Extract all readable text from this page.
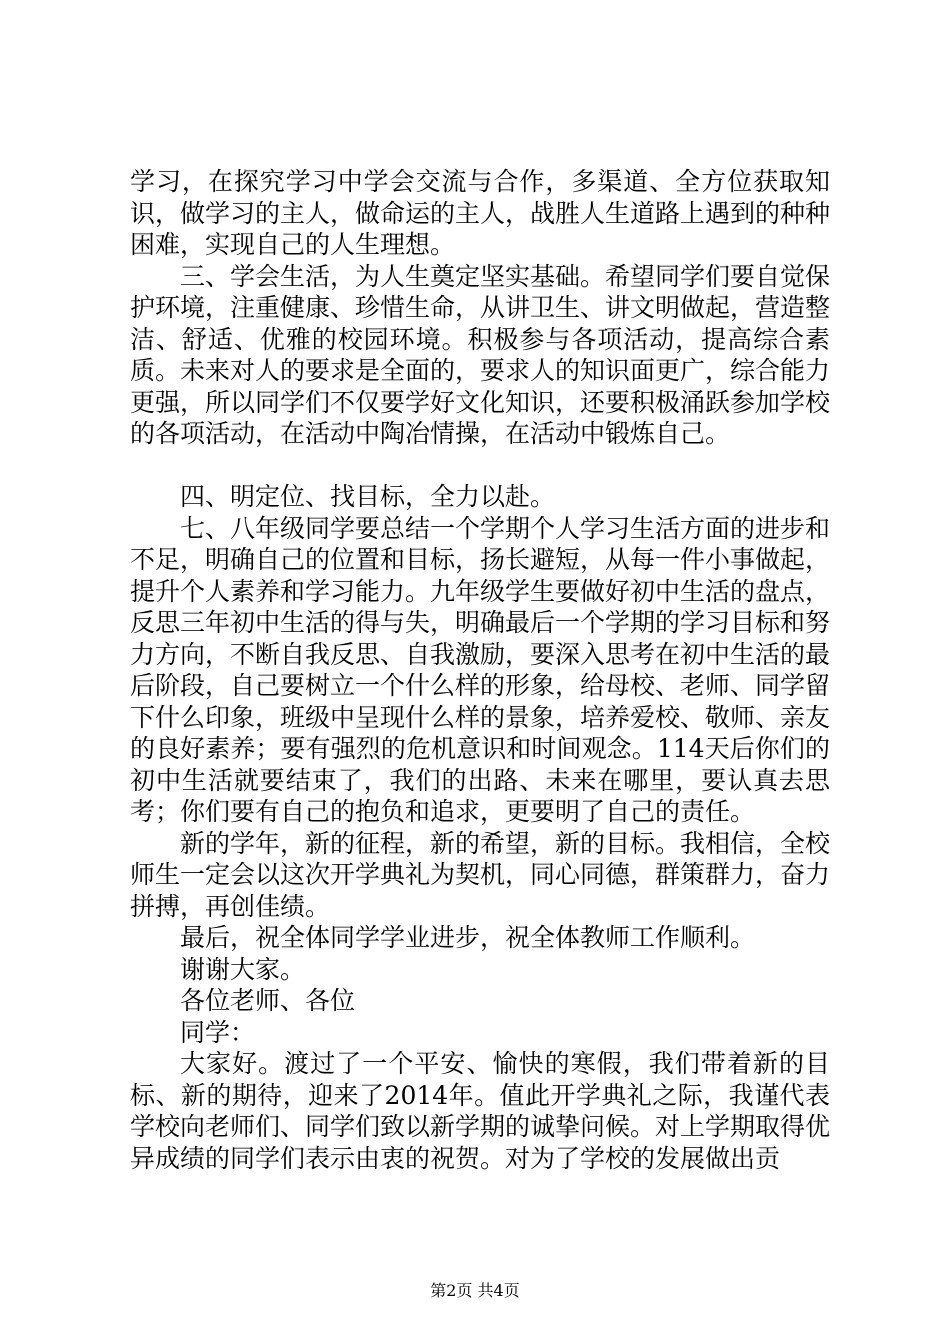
学习，在探究学习中学会交流与合作，多渠道、全方位获取知识，做学习的主人，做命运的主人，战胜人生道路上遇到的种种困难，实现自己的人生理想。

三、学会生活，为人生奠定坚实基础。希望同学们要自觉保护环境，注重健康、珍惜生命，从讲卫生、讲文明做起，营造整洁、舒适、优雅的校园环境。积极参与各项活动，提高综合素质。未来对人的要求是全面的，要求人的知识面更广，综合能力更强，所以同学们不仅要学好文化知识，还要积极涌跃参加学校的各项活动，在活动中陶冶情操，在活动中锻炼自己。

四、明定位、找目标，全力以赴。

七、八年级同学要总结一个学期个人学习生活方面的进步和不足，明确自己的位置和目标，扬长避短，从每一件小事做起，提升个人素养和学习能力。九年级学生要做好初中生活的盘点，反思三年初中生活的得与失，明确最后一个学期的学习目标和努力方向，不断自我反思、自我激励，要深入思考在初中生活的最后阶段，自己要树立一个什么样的形象，给母校、老师、同学留下什么印象，班级中呈现什么样的景象，培养爱校、敬师、亲友的良好素养；要有强烈的危机意识和时间观念。114天后你们的初中生活就要结束了，我们的出路、未来在哪里，要认真去思考；你们要有自己的抱负和追求，更要明了自己的责任。

新的学年，新的征程，新的希望，新的目标。我相信，全校师生一定会以这次开学典礼为契机，同心同德，群策群力，奋力拼搏，再创佳绩。

最后，祝全体同学学业进步，祝全体教师工作顺利。

谢谢大家。

各位老师、各位

同学：

大家好。渡过了一个平安、愉快的寒假，我们带着新的目标、新的期待，迎来了2014年。值此开学典礼之际，我谨代表学校向老师们、同学们致以新学期的诚挚问候。对上学期取得优异成绩的同学们表示由衷的祝贺。对为了学校的发展做出贡

第2页 共4页
